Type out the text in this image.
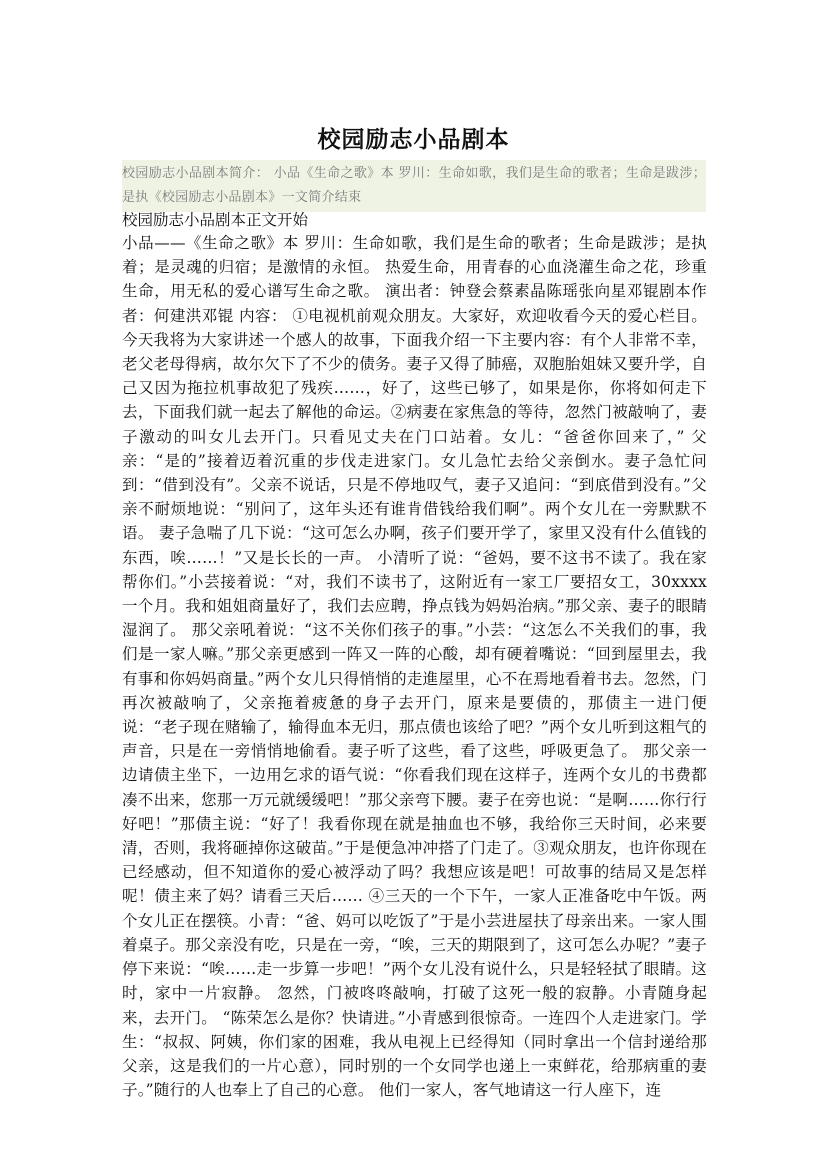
校园励志小品剧本
校园励志小品剧本简介： 小品《生命之歌》本 罗川：生命如歌，我们是生命的歌者；生命是跋涉；是执《校园励志小品剧本》一文简介结束
校园励志小品剧本正文开始
小品——《生命之歌》本 罗川：生命如歌，我们是生命的歌者；生命是跋涉；是执着；是灵魂的归宿；是激情的永恒。 热爱生命，用青春的心血浇灌生命之花，珍重生命，用无私的爱心谱写生命之歌。 演出者：钟登会蔡素晶陈瑶张向星邓锟剧本作者：何建洪邓锟 内容： ①电视机前观众朋友。大家好，欢迎收看今天的爱心栏目。今天我将为大家讲述一个感人的故事，下面我介绍一下主要内容：有个人非常不幸，老父老母得病，故尔欠下了不少的债务。妻子又得了肺癌，双胞胎姐妹又要升学，自己又因为拖拉机事故犯了残疾……，好了，这些已够了，如果是你，你将如何走下去，下面我们就一起去了解他的命运。②病妻在家焦急的等待，忽然门被敲响了，妻子激动的叫女儿去开门。只看见丈夫在门口站着。女儿：“爸爸你回来了，” 父亲：“是的”接着迈着沉重的步伐走进家门。女儿急忙去给父亲倒水。妻子急忙问到：“借到没有”。父亲不说话，只是不停地叹气，妻子又追问：“到底借到没有。”父亲不耐烦地说：“别问了，这年头还有谁肯借钱给我们啊”。两个女儿在一旁默默不语。 妻子急喘了几下说：“这可怎么办啊，孩子们要开学了，家里又没有什么值钱的东西，唉……！”又是长长的一声。 小清听了说：“爸妈，要不这书不读了。我在家帮你们。”小芸接着说：“对，我们不读书了，这附近有一家工厂要招女工，30xxxx 一个月。我和姐姐商量好了，我们去应聘，挣点钱为妈妈治病。”那父亲、妻子的眼睛湿润了。 那父亲吼着说：“这不关你们孩子的事。”小芸：“这怎么不关我们的事，我们是一家人嘛。”那父亲更感到一阵又一阵的心酸，却有硬着嘴说：“回到屋里去，我有事和你妈妈商量。”两个女儿只得悄悄的走進屋里，心不在焉地看着书去。忽然，门再次被敲响了，父亲拖着疲惫的身子去开门，原来是要债的，那债主一进门便说：“老子现在赌输了，输得血本无归，那点债也该给了吧？”两个女儿听到这粗气的声音，只是在一旁悄悄地偷看。妻子听了这些，看了这些，呼吸更急了。 那父亲一边请债主坐下，一边用乞求的语气说：“你看我们现在这样子，连两个女儿的书费都凑不出来，您那一万元就缓缓吧！”那父亲弯下腰。妻子在旁也说：“是啊……你行行好吧！”那债主说：“好了！我看你现在就是抽血也不够，我给你三天时间，必来要清，否则，我将砸掉你这破苗。”于是便急冲冲搭了门走了。③观众朋友，也许你现在已经感动，但不知道你的爱心被浮动了吗？我想应该是吧！可故事的结局又是怎样呢！债主来了妈？请看三天后…… ④三天的一个下午，一家人正准备吃中午饭。两个女儿正在摆筷。小青：“爸、妈可以吃饭了”于是小芸进屋扶了母亲出来。一家人围着桌子。那父亲没有吃，只是在一旁，“唉，三天的期限到了，这可怎么办呢？”妻子停下来说：“唉……走一步算一步吧！”两个女儿没有说什么，只是轻轻拭了眼睛。这时，家中一片寂静。 忽然，门被咚咚敲响，打破了这死一般的寂静。小青随身起来，去开门。 “陈荣怎么是你？快请进。”小青感到很惊奇。一连四个人走进家门。学生：“叔叔、阿姨，你们家的困难，我从电视上已经得知（同时拿出一个信封递给那父亲，这是我们的一片心意），同时别的一个女同学也递上一束鲜花，给那病重的妻子。”随行的人也奉上了自己的心意。 他们一家人，客气地请这一行人座下，连
